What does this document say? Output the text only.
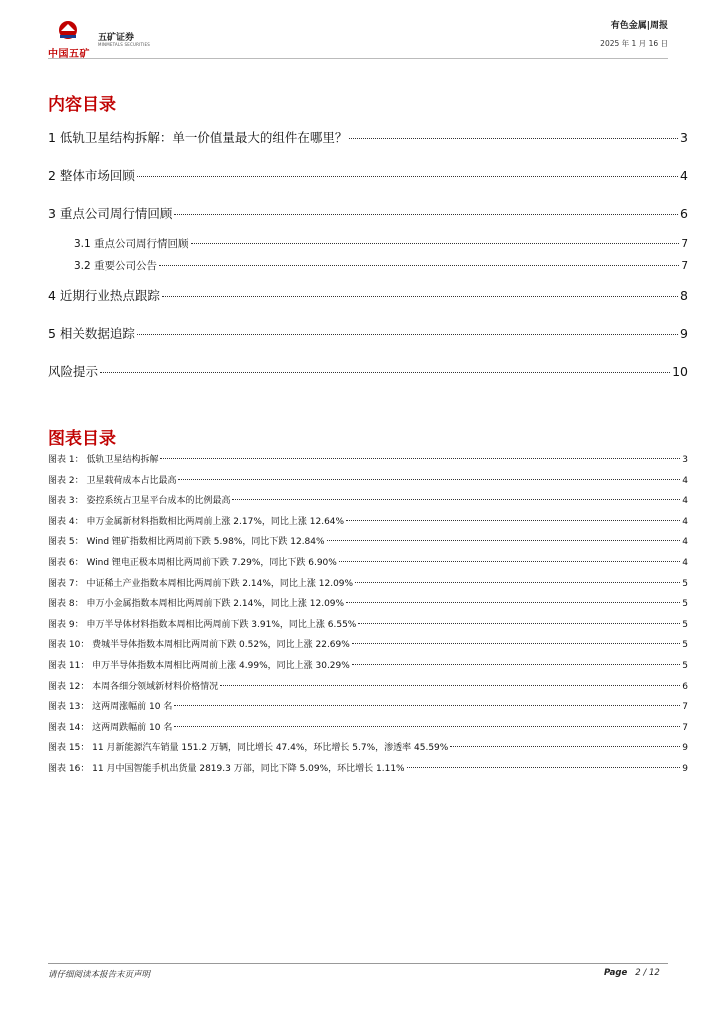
中国五矿
五矿证券
MINMETALS SECURITIES
有色金属|周报
2025 年 1 月 16 日
内容目录
1 低轨卫星结构拆解：单一价值量最大的组件在哪里？	3
2 整体市场回顾	4
3 重点公司周行情回顾	6
3.1 重点公司周行情回顾	7
3.2 重要公司公告	7
4 近期行业热点跟踪	8
5 相关数据追踪	9
风险提示	10
图表目录
图表 1： 低轨卫星结构拆解	3
图表 2： 卫星载荷成本占比最高	4
图表 3： 姿控系统占卫星平台成本的比例最高	4
图表 4： 申万金属新材料指数相比两周前上涨 2.17%，同比上涨 12.64%	4
图表 5： Wind 锂矿指数相比两周前下跌 5.98%，同比下跌 12.84%	4
图表 6： Wind 锂电正极本周相比两周前下跌 7.29%，同比下跌 6.90%	4
图表 7： 中证稀土产业指数本周相比两周前下跌 2.14%，同比上涨 12.09%	5
图表 8： 申万小金属指数本周相比两周前下跌 2.14%，同比上涨 12.09%	5
图表 9： 申万半导体材料指数本周相比两周前下跌 3.91%，同比上涨 6.55%	5
图表 10： 费城半导体指数本周相比两周前下跌 0.52%，同比上涨 22.69%	5
图表 11： 申万半导体指数本周相比两周前上涨 4.99%，同比上涨 30.29%	5
图表 12： 本周各细分领域新材料价格情况	6
图表 13： 这两周涨幅前 10 名	7
图表 14： 这两周跌幅前 10 名	7
图表 15： 11 月新能源汽车销量 151.2 万辆，同比增长 47.4%，环比增长 5.7%，渗透率 45.59%	9
图表 16： 11 月中国智能手机出货量 2819.3 万部，同比下降 5.09%，环比增长 1.11%	9
请仔细阅读本报告末页声明	Page 2 / 12
